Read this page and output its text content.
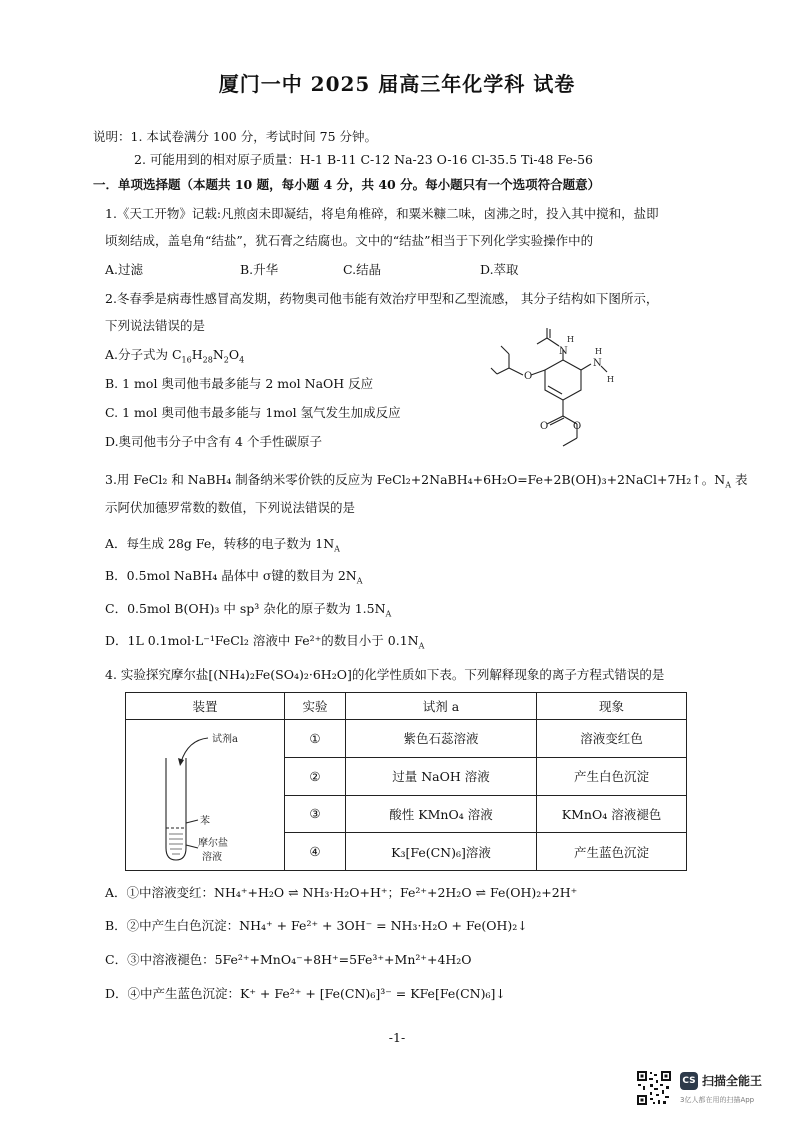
厦门一中 2025 届高三年化学科 试卷
说明：1. 本试卷满分 100 分，考试时间 75 分钟。
2. 可能用到的相对原子质量：H-1 B-11 C-12 Na-23 O-16 Cl-35.5 Ti-48 Fe-56
一．单项选择题（本题共 10 题，每小题 4 分，共 40 分。每小题只有一个选项符合题意）
1.《天工开物》记载:凡煎卤未即凝结，将皂角椎碎，和粟米糠二味，卤沸之时，投入其中搅和，盐即
顷刻结成，盖皂角“结盐”，犹石膏之结腐也。文中的“结盐”相当于下列化学实验操作中的
A.过滤	B.升华	C.结晶	D.萃取
2.冬春季是病毒性感冒高发期，药物奥司他韦能有效治疗甲型和乙型流感， 其分子结构如下图所示，
下列说法错误的是
A.分子式为 $C_{16}H_{28}N_2O_4$
B. 1 mol 奥司他韦最多能与 2 mol NaOH 反应
C. 1 mol 奥司他韦最多能与 1mol 氢气发生加成反应
D.奥司他韦分子中含有 4 个手性碳原子
N
H
N
H
H
O
O O
3.用 FeCl₂ 和 NaBH₄ 制备纳米零价铁的反应为 FeCl₂+2NaBH₄+6H₂O=Fe+2B(OH)₃+2NaCl+7H₂↑。$N_A$ 表
示阿伏加德罗常数的数值，下列说法错误的是
A．每生成 28g Fe，转移的电子数为 $1N_A$
B．0.5mol NaBH₄ 晶体中 σ键的数目为 $2N_A$
C．0.5mol B(OH)₃ 中 sp³ 杂化的原子数为 $1.5N_A$
D．1L 0.1mol·L⁻¹FeCl₂ 溶液中 Fe²⁺的数目小于 $0.1N_A$
4. 实验探究摩尔盐[(NH₄)₂Fe(SO₄)₂·6H₂O]的化学性质如下表。下列解释现象的离子方程式错误的是
装置	实验	试剂 a	现象

试剂a
苯
摩尔盐
溶液	①	紫色石蕊溶液	溶液变红色
	②	过量 NaOH 溶液	产生白色沉淀
	③	酸性 KMnO₄ 溶液	KMnO₄ 溶液褪色
	④	K₃[Fe(CN)₆]溶液	产生蓝色沉淀
A．①中溶液变红：NH₄⁺+H₂O ⇌ NH₃·H₂O+H⁺；Fe²⁺+2H₂O ⇌ Fe(OH)₂+2H⁺
B．②中产生白色沉淀：NH₄⁺ + Fe²⁺ + 3OH⁻ = NH₃·H₂O + Fe(OH)₂↓
C．③中溶液褪色：5Fe²⁺+MnO₄⁻+8H⁺=5Fe³⁺+Mn²⁺+4H₂O
D．④中产生蓝色沉淀：K⁺ + Fe²⁺ + [Fe(CN)₆]³⁻ = KFe[Fe(CN)₆]↓
-1-
CS 扫描全能王
3亿人都在用的扫描App
